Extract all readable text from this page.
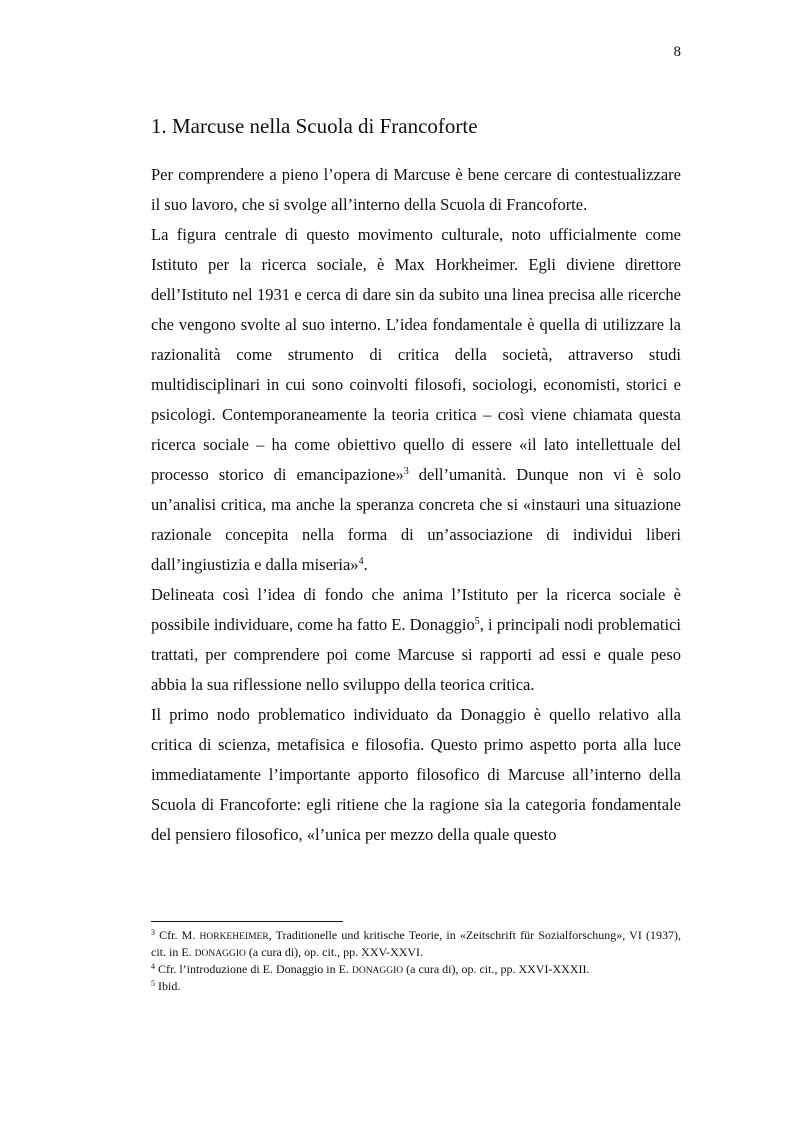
8
1. Marcuse nella Scuola di Francoforte

Per comprendere a pieno l’opera di Marcuse è bene cercare di contestualizzare il suo lavoro, che si svolge all’interno della Scuola di Francoforte.

La figura centrale di questo movimento culturale, noto ufficialmente come Istituto per la ricerca sociale, è Max Horkheimer. Egli diviene direttore dell’Istituto nel 1931 e cerca di dare sin da subito una linea precisa alle ricerche che vengono svolte al suo interno. L’idea fondamentale è quella di utilizzare la razionalità come strumento di critica della società, attraverso studi multidisciplinari in cui sono coinvolti filosofi, sociologi, economisti, storici e psicologi. Contemporaneamente la teoria critica – così viene chiamata questa ricerca sociale – ha come obiettivo quello di essere «il lato intellettuale del processo storico di emancipazione»$^3$ dell’umanità. Dunque non vi è solo un’analisi critica, ma anche la speranza concreta che si «instauri una situazione razionale concepita nella forma di un’associazione di individui liberi dall’ingiustizia e dalla miseria»$^4$.

Delineata così l’idea di fondo che anima l’Istituto per la ricerca sociale è possibile individuare, come ha fatto E. Donaggio$^5$, i principali nodi problematici trattati, per comprendere poi come Marcuse si rapporti ad essi e quale peso abbia la sua riflessione nello sviluppo della teorica critica.

Il primo nodo problematico individuato da Donaggio è quello relativo alla critica di scienza, metafisica e filosofia. Questo primo aspetto porta alla luce immediatamente l’importante apporto filosofico di Marcuse all’interno della Scuola di Francoforte: egli ritiene che la ragione sia la categoria fondamentale del pensiero filosofico, «l’unica per mezzo della quale questo

$^3$ Cfr. M. HORKEHEIMER, Traditionelle und kritische Teorie, in «Zeitschrift für Sozialforschung», VI (1937), cit. in E. DONAGGIO (a cura di), op. cit., pp. XXV-XXVI.

$^4$ Cfr. l’introduzione di E. Donaggio in E. DONAGGIO (a cura di), op. cit., pp. XXVI-XXXII.

$^5$ Ibid.
